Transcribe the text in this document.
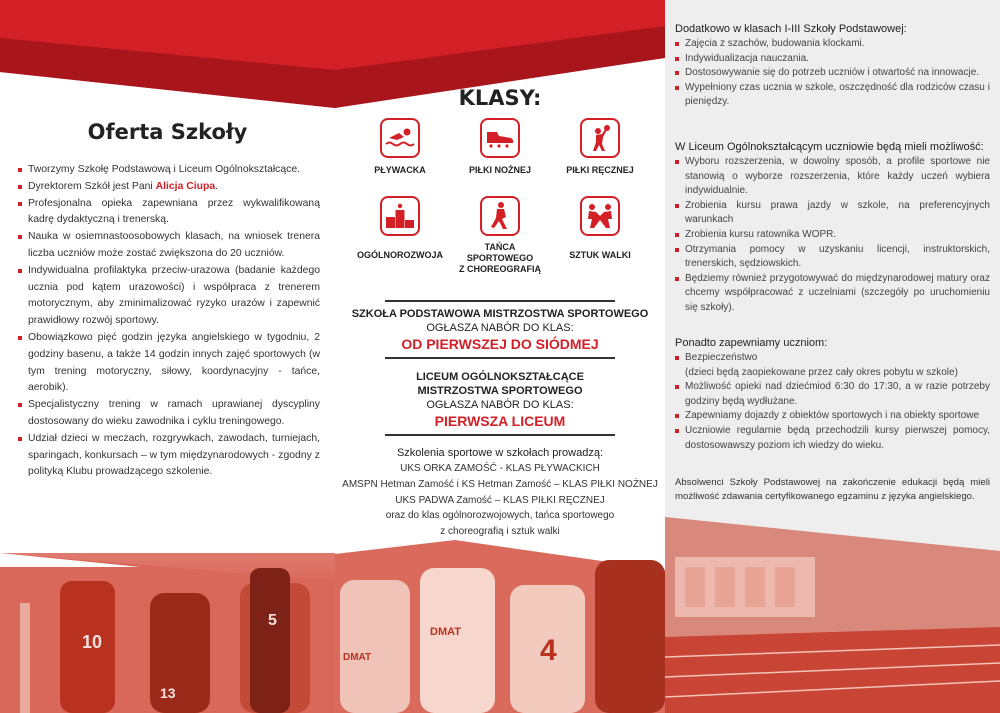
Oferta Szkoły
Tworzymy Szkołę Podstawową i Liceum Ogólnokształcące.
Dyrektorem Szkół jest Pani Alicja Ciupa.
Profesjonalna opieka zapewniana przez wykwalifikowaną kadrę dydaktyczną i trenerską.
Nauka w osiemnastoosobowych klasach, na wniosek trenera liczba uczniów może zostać zwiększona do 20 uczniów.
Indywidualna profilaktyka przeciw-urazowa (badanie każdego ucznia pod kątem urazowości) i współpraca z trenerem motorycznym, aby zminimalizować ryzyko urazów i zapewnić prawidłowy rozwój sportowy.
Obowiązkowo pięć godzin języka angielskiego w tygodniu, 2 godziny basenu, a także 14 godzin innych zajęć sportowych (w tym trening motoryczny, siłowy, koordynacyjny - tańce, aerobik).
Specjalistyczny trening w ramach uprawianej dyscypliny dostosowany do wieku zawodnika i cyklu treningowego.
Udział dzieci w meczach, rozgrywkach, zawodach, turniejach, sparingach, konkursach – w tym międzynarodowych - zgodny z polityką Klubu prowadzącego szkolenie.
10
5
13
KLASY:
PŁYWACKA	PIŁKI NOŻNEJ	PIŁKI RĘCZNEJ
OGÓLNOROZWOJA
TAŃCA SPORTOWEGO
Z CHOREOGRAFIĄ
SZTUK WALKI
SZKOŁA PODSTAWOWA MISTRZOSTWA SPORTOWEGO
OGŁASZA NABÓR DO KLAS:
OD PIERWSZEJ DO SIÓDMEJ
LICEUM OGÓLNOKSZTAŁCĄCE
MISTRZOSTWA SPORTOWEGO
OGŁASZA NABÓR DO KLAS:
PIERWSZA LICEUM
Szkolenia sportowe w szkołach prowadzą:
UKS ORKA ZAMOŚĆ - KLAS PŁYWACKICH
AMSPN Hetman Zamość i KS Hetman Zamość – KLAS PIŁKI NOŻNEJ
UKS PADWA Zamość – KLAS PIŁKI RĘCZNEJ
oraz do klas ogólnorozwojowych, tańca sportowego
z choreografią i sztuk walki
DMAT
DMAT	4
Dodatkowo w klasach I-III Szkoły Podstawowej:
Zajęcia z szachów, budowania klockami.
Indywidualizacja nauczania.
Dostosowywanie się do potrzeb uczniów i otwartość na innowacje.
Wypełniony czas ucznia w szkole, oszczędność dla rodziców czasu i pieniędzy.
W Liceum Ogólnokształcącym uczniowie będą mieli możliwość:
Wyboru rozszerzenia, w dowolny sposób, a profile sportowe nie stanowią o wyborze rozszerzenia, które każdy uczeń wybiera indywidualnie.
Zrobienia kursu prawa jazdy w szkole, na preferencyjnych warunkach
Zrobienia kursu ratownika WOPR.
Otrzymania pomocy w uzyskaniu licencji, instruktorskich, trenerskich, sędziowskich.
Będziemy również przygotowywać do międzynarodowej matury oraz chcemy współpracować z uczelniami (szczegóły po uruchomieniu się szkoły).
Ponadto zapewniamy uczniom:
Bezpieczeństwo
(dzieci będą zaopiekowane przez cały okres pobytu w szkole)
Możliwość opieki nad dziećmiod 6:30 do 17:30, a w razie potrzeby godziny będą wydłużane.
Zapewniamy dojazdy z obiektów sportowych i na obiekty sportowe
Uczniowie regularnie będą przechodzili kursy pierwszej pomocy, dostosowawszy poziom ich wiedzy do wieku.

Absolwenci Szkoły Podstawowej na zakończenie edukacji będą mieli możliwość zdawania certyfikowanego egzaminu z języka angielskiego.
